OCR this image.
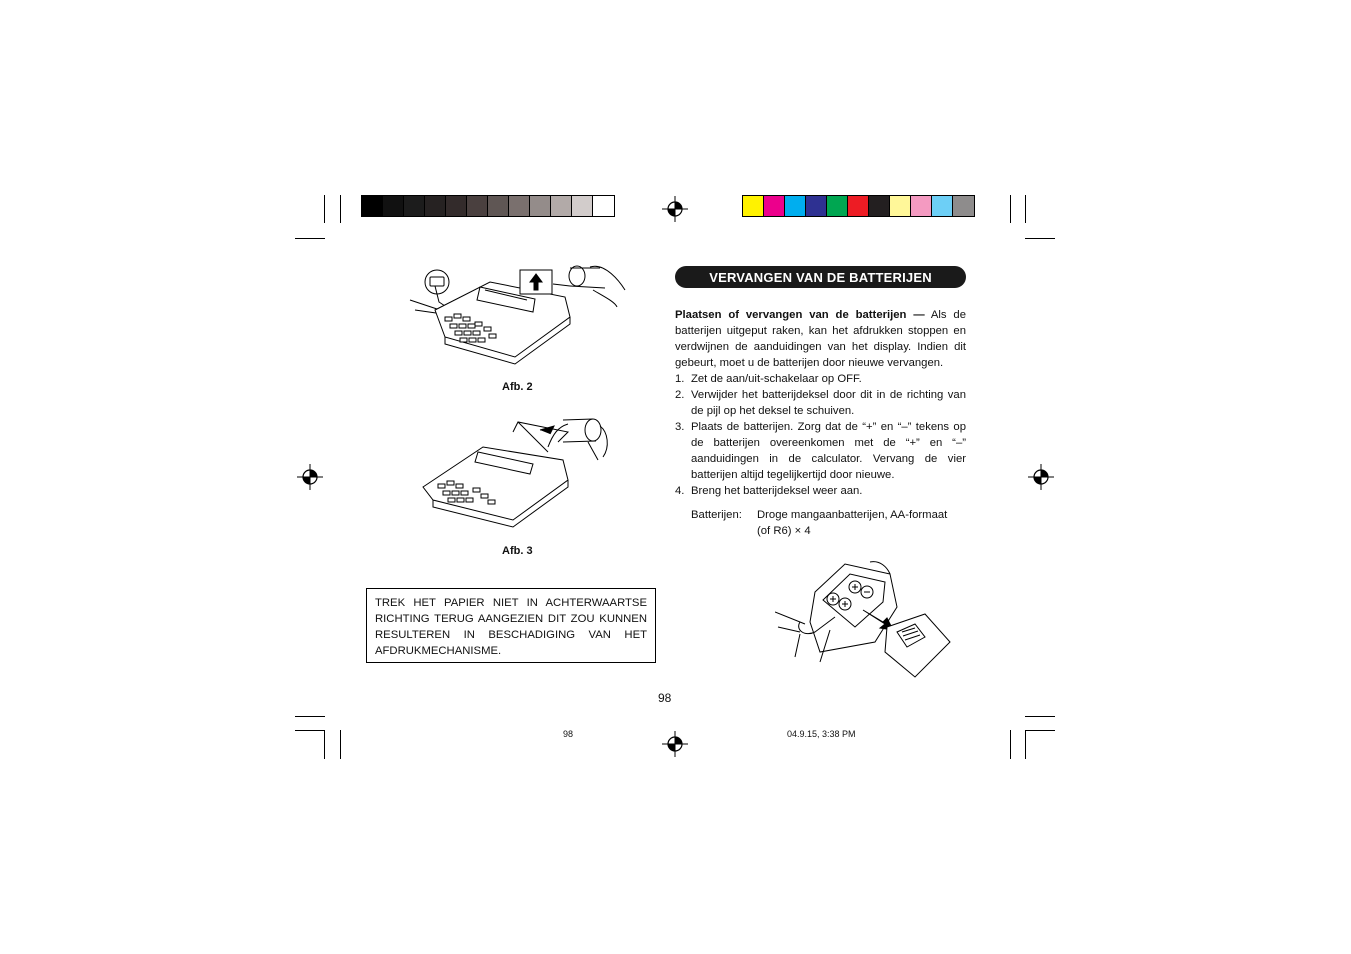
Afb. 2
Afb. 3
TREK HET PAPIER NIET IN ACHTERWAARTSE RICHTING TERUG AANGEZIEN DIT ZOU KUNNEN RESULTEREN IN BESCHADIGING VAN HET AFDRUKMECHANISME.
VERVANGEN VAN DE BATTERIJEN

Plaatsen of vervangen van de batterijen — Als de batterijen uitgeput raken, kan het afdrukken stoppen en verdwijnen de aanduidingen van het display. Indien dit gebeurt, moet u de batterijen door nieuwe vervangen.

1. Zet de aan/uit-schakelaar op OFF.
2. Verwijder het batterijdeksel door dit in de richting van de pijl op het deksel te schuiven.
3. Plaats de batterijen. Zorg dat de “+” en “–” tekens op de batterijen overeenkomen met de “+” en “–” aanduidingen in de calculator. Vervang de vier batterijen altijd tegelijkertijd door nieuwe.
4. Breng het batterijdeksel weer aan.
Batterijen:	Droge mangaanbatterijen, AA-formaat
(of R6) × 4
98
98	04.9.15, 3:38 PM
